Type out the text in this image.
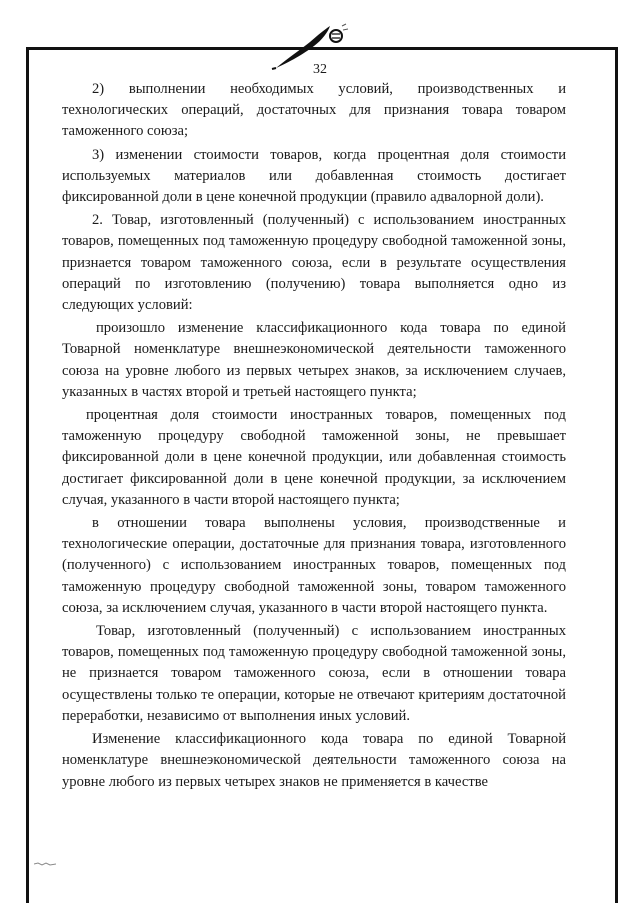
32

2) выполнении необходимых условий, производственных и технологических операций, достаточных для признания товара товаром таможенного союза;

3) изменении стоимости товаров, когда процентная доля стоимости используемых материалов или добавленная стоимость достигает фиксированной доли в цене конечной продукции (правило адвалорной доли).

2. Товар, изготовленный (полученный) с использованием иностранных товаров, помещенных под таможенную процедуру свободной таможенной зоны, признается товаром таможенного союза, если в результате осуществления операций по изготовлению (получению) товара выполняется одно из следующих условий:

произошло изменение классификационного кода товара по единой Товарной номенклатуре внешнеэкономической деятельности таможенного союза на уровне любого из первых четырех знаков, за исключением случаев, указанных в частях второй и третьей настоящего пункта;

процентная доля стоимости иностранных товаров, помещенных под таможенную процедуру свободной таможенной зоны, не превышает фиксированной доли в цене конечной продукции, или добавленная стоимость достигает фиксированной доли в цене конечной продукции, за исключением случая, указанного в части второй настоящего пункта;

в отношении товара выполнены условия, производственные и технологические операции, достаточные для признания товара, изготовленного (полученного) с использованием иностранных товаров, помещенных под таможенную процедуру свободной таможенной зоны, товаром таможенного союза, за исключением случая, указанного в части второй настоящего пункта.

Товар, изготовленный (полученный) с использованием иностранных товаров, помещенных под таможенную процедуру свободной таможенной зоны, не признается товаром таможенного союза, если в отношении товара осуществлены только те операции, которые не отвечают критериям достаточной переработки, независимо от выполнения иных условий.

Изменение классификационного кода товара по единой Товарной номенклатуре внешнеэкономической деятельности таможенного союза на уровне любого из первых четырех знаков не применяется в качестве
